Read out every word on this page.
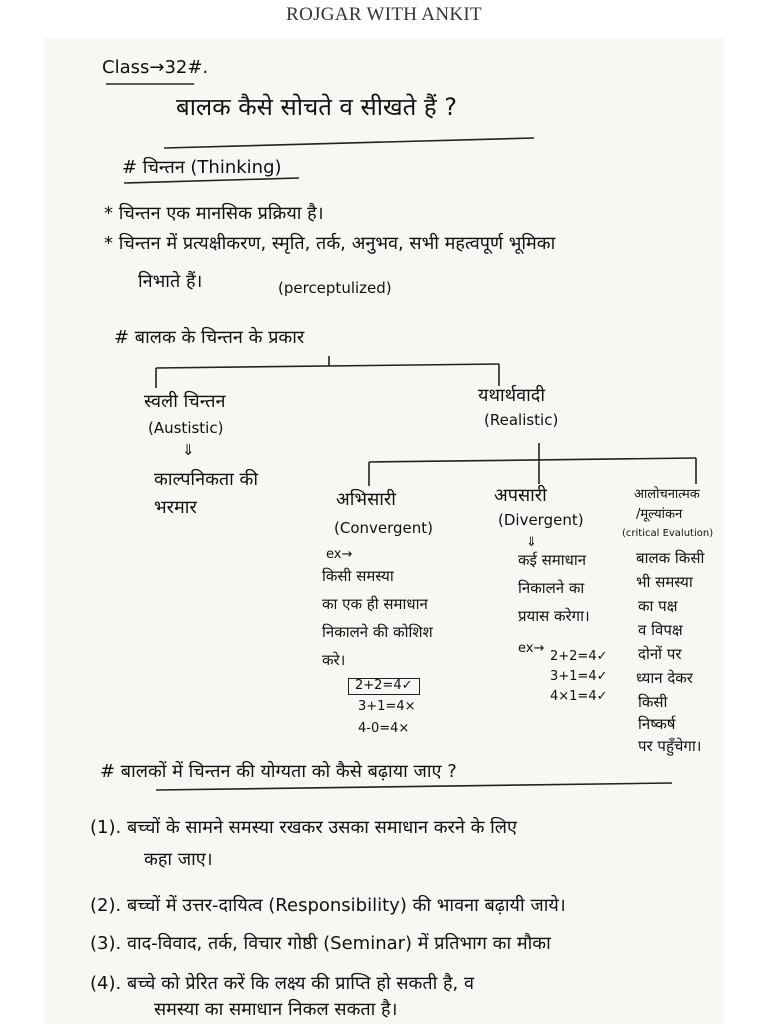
ROJGAR WITH ANKIT
Class→32#.
बालक कैसे सोचते व सीखते हैं ?
# चिन्तन (Thinking)
* चिन्तन एक मानसिक प्रक्रिया है।
* चिन्तन में प्रत्यक्षीकरण, स्मृति, तर्क, अनुभव, सभी महत्वपूर्ण भूमिका
निभाते हैं।	(perceptulized)
# बालक के चिन्तन के प्रकार
स्वली चिन्तन
(Austistic)
⇓
काल्पनिकता की
भरमार
यथार्थवादी
(Realistic)
अभिसारी
(Convergent)
ex→
किसी समस्या
का एक ही समाधान
निकालने की कोशिश
करे।
2+2=4✓
3+1=4×
4-0=4×
अपसारी
(Divergent)
⇓
कई समाधान
निकालने का
प्रयास करेगा।
ex→
2+2=4✓
3+1=4✓
4×1=4✓
आलोचनात्मक
/मूल्यांकन
(critical Evalution)
बालक किसी
भी समस्या
का पक्ष
व विपक्ष
दोनों पर
ध्यान देकर
किसी
निष्कर्ष
पर पहुँचेगा।
# बालकों में चिन्तन की योग्यता को कैसे बढ़ाया जाए ?
(1). बच्चों के सामने समस्या रखकर उसका समाधान करने के लिए
कहा जाए।
(2). बच्चों में उत्तर-दायित्व (Responsibility) की भावना बढ़ायी जाये।
(3). वाद-विवाद, तर्क, विचार गोष्ठी (Seminar) में प्रतिभाग का मौका
(4). बच्चे को प्रेरित करें कि लक्ष्य की प्राप्ति हो सकती है, व
समस्या का समाधान निकल सकता है।
